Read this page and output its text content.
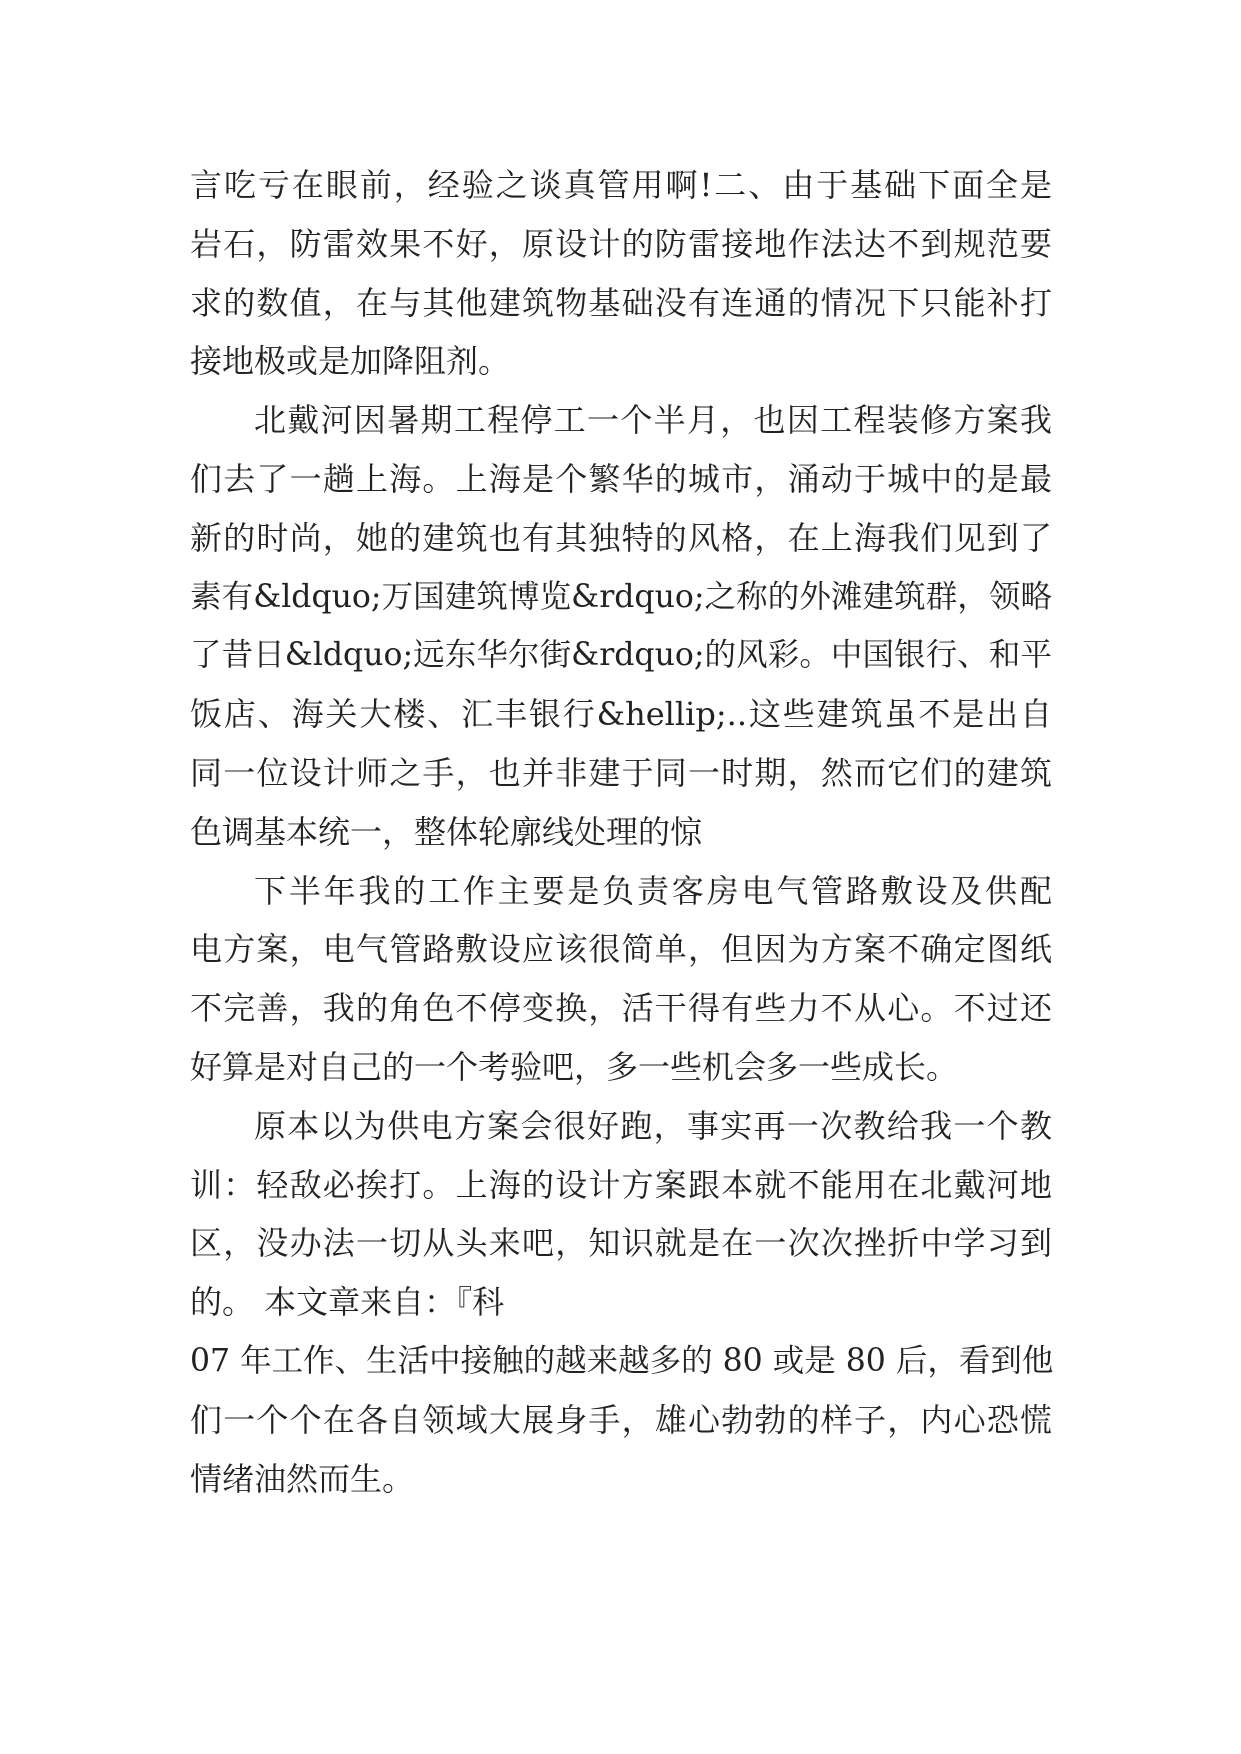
言吃亏在眼前，经验之谈真管用啊!二、由于基础下面全是
岩石，防雷效果不好，原设计的防雷接地作法达不到规范要
求的数值，在与其他建筑物基础没有连通的情况下只能补打
接地极或是加降阻剂。
北戴河因暑期工程停工一个半月，也因工程装修方案我
们去了一趟上海。上海是个繁华的城市，涌动于城中的是最
新的时尚，她的建筑也有其独特的风格，在上海我们见到了
素有&ldquo;万国建筑博览&rdquo;之称的外滩建筑群，领略
了昔日&ldquo;远东华尔街&rdquo;的风彩。中国银行、和平
饭店、海关大楼、汇丰银行&hellip;..这些建筑虽不是出自
同一位设计师之手，也并非建于同一时期，然而它们的建筑
色调基本统一，整体轮廓线处理的惊
下半年我的工作主要是负责客房电气管路敷设及供配
电方案，电气管路敷设应该很简单，但因为方案不确定图纸
不完善，我的角色不停变换，活干得有些力不从心。不过还
好算是对自己的一个考验吧，多一些机会多一些成长。
原本以为供电方案会很好跑，事实再一次教给我一个教
训：轻敌必挨打。上海的设计方案跟本就不能用在北戴河地
区，没办法一切从头来吧，知识就是在一次次挫折中学习到
的。 本文章来自：『科
07 年工作、生活中接触的越来越多的 80 或是 80 后，看到他
们一个个在各自领域大展身手，雄心勃勃的样子，内心恐慌
情绪油然而生。
